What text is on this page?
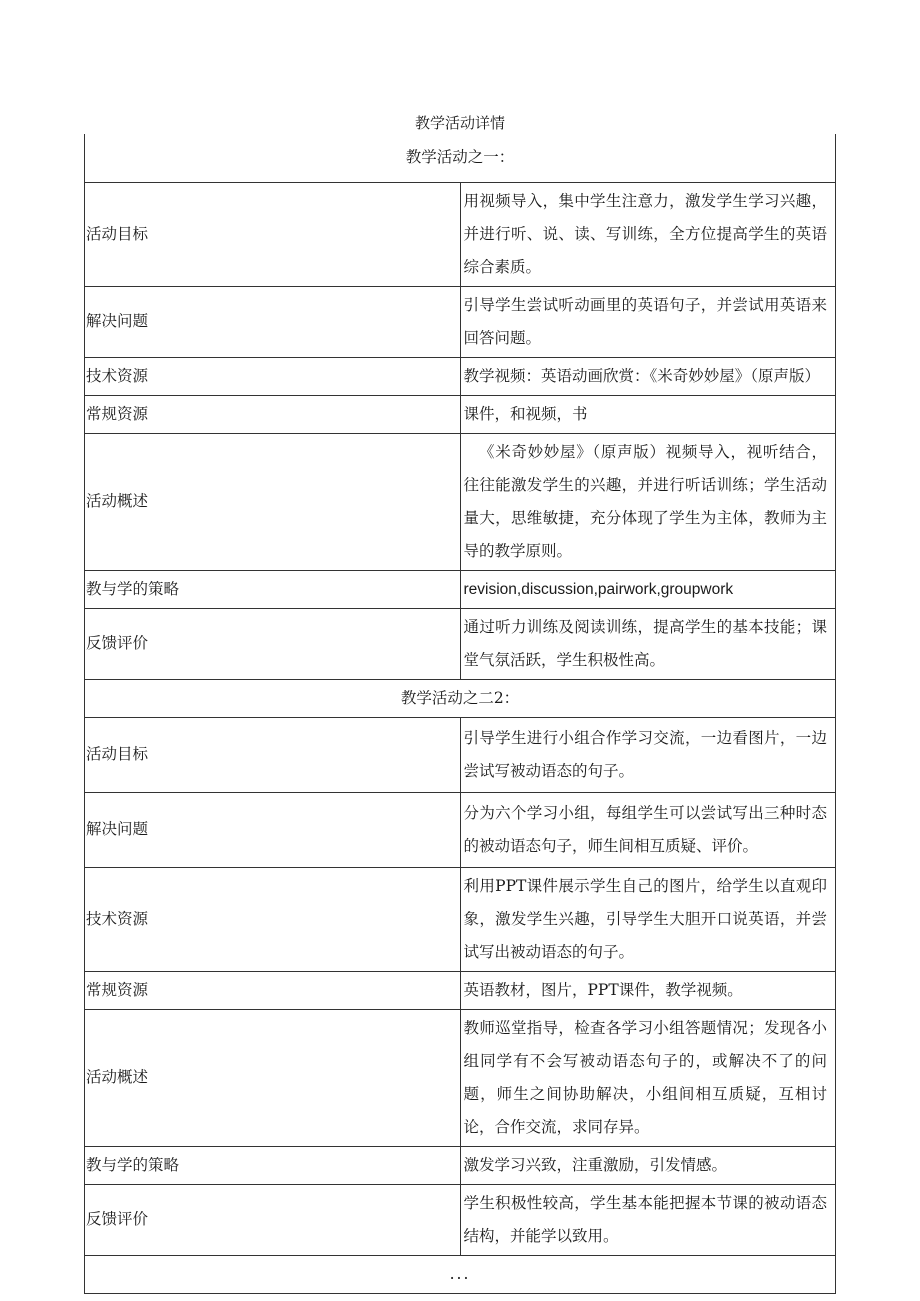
教学活动详情
教学活动之一：	
活动目标	用视频导入，集中学生注意力，激发学生学习兴趣，并进行听、说、读、写训练，全方位提高学生的英语综合素质。
解决问题	引导学生尝试听动画里的英语句子，并尝试用英语来回答问题。
技术资源	教学视频：英语动画欣赏：《米奇妙妙屋》（原声版）
常规资源	课件，和视频，书
活动概述	《米奇妙妙屋》（原声版）视频导入，视听结合，往往能激发学生的兴趣，并进行听话训练；学生活动量大，思维敏捷，充分体现了学生为主体，教师为主导的教学原则。
教与学的策略	revision,discussion,pairwork,groupwork
反馈评价	通过听力训练及阅读训练，提高学生的基本技能；课堂气氛活跃，学生积极性高。
教学活动之二2：	
活动目标	引导学生进行小组合作学习交流，一边看图片，一边尝试写被动语态的句子。
解决问题	分为六个学习小组，每组学生可以尝试写出三种时态的被动语态句子，师生间相互质疑、评价。
技术资源	利用PPT课件展示学生自己的图片，给学生以直观印象，激发学生兴趣，引导学生大胆开口说英语，并尝试写出被动语态的句子。
常规资源	英语教材，图片，PPT课件，教学视频。
活动概述	教师巡堂指导，检查各学习小组答题情况；发现各小组同学有不会写被动语态句子的，或解决不了的问题，师生之间协助解决，小组间相互质疑，互相讨论，合作交流，求同存异。
教与学的策略	激发学习兴致，注重激励，引发情感。
反馈评价	学生积极性较高，学生基本能把握本节课的被动语态结构，并能学以致用。
...	
